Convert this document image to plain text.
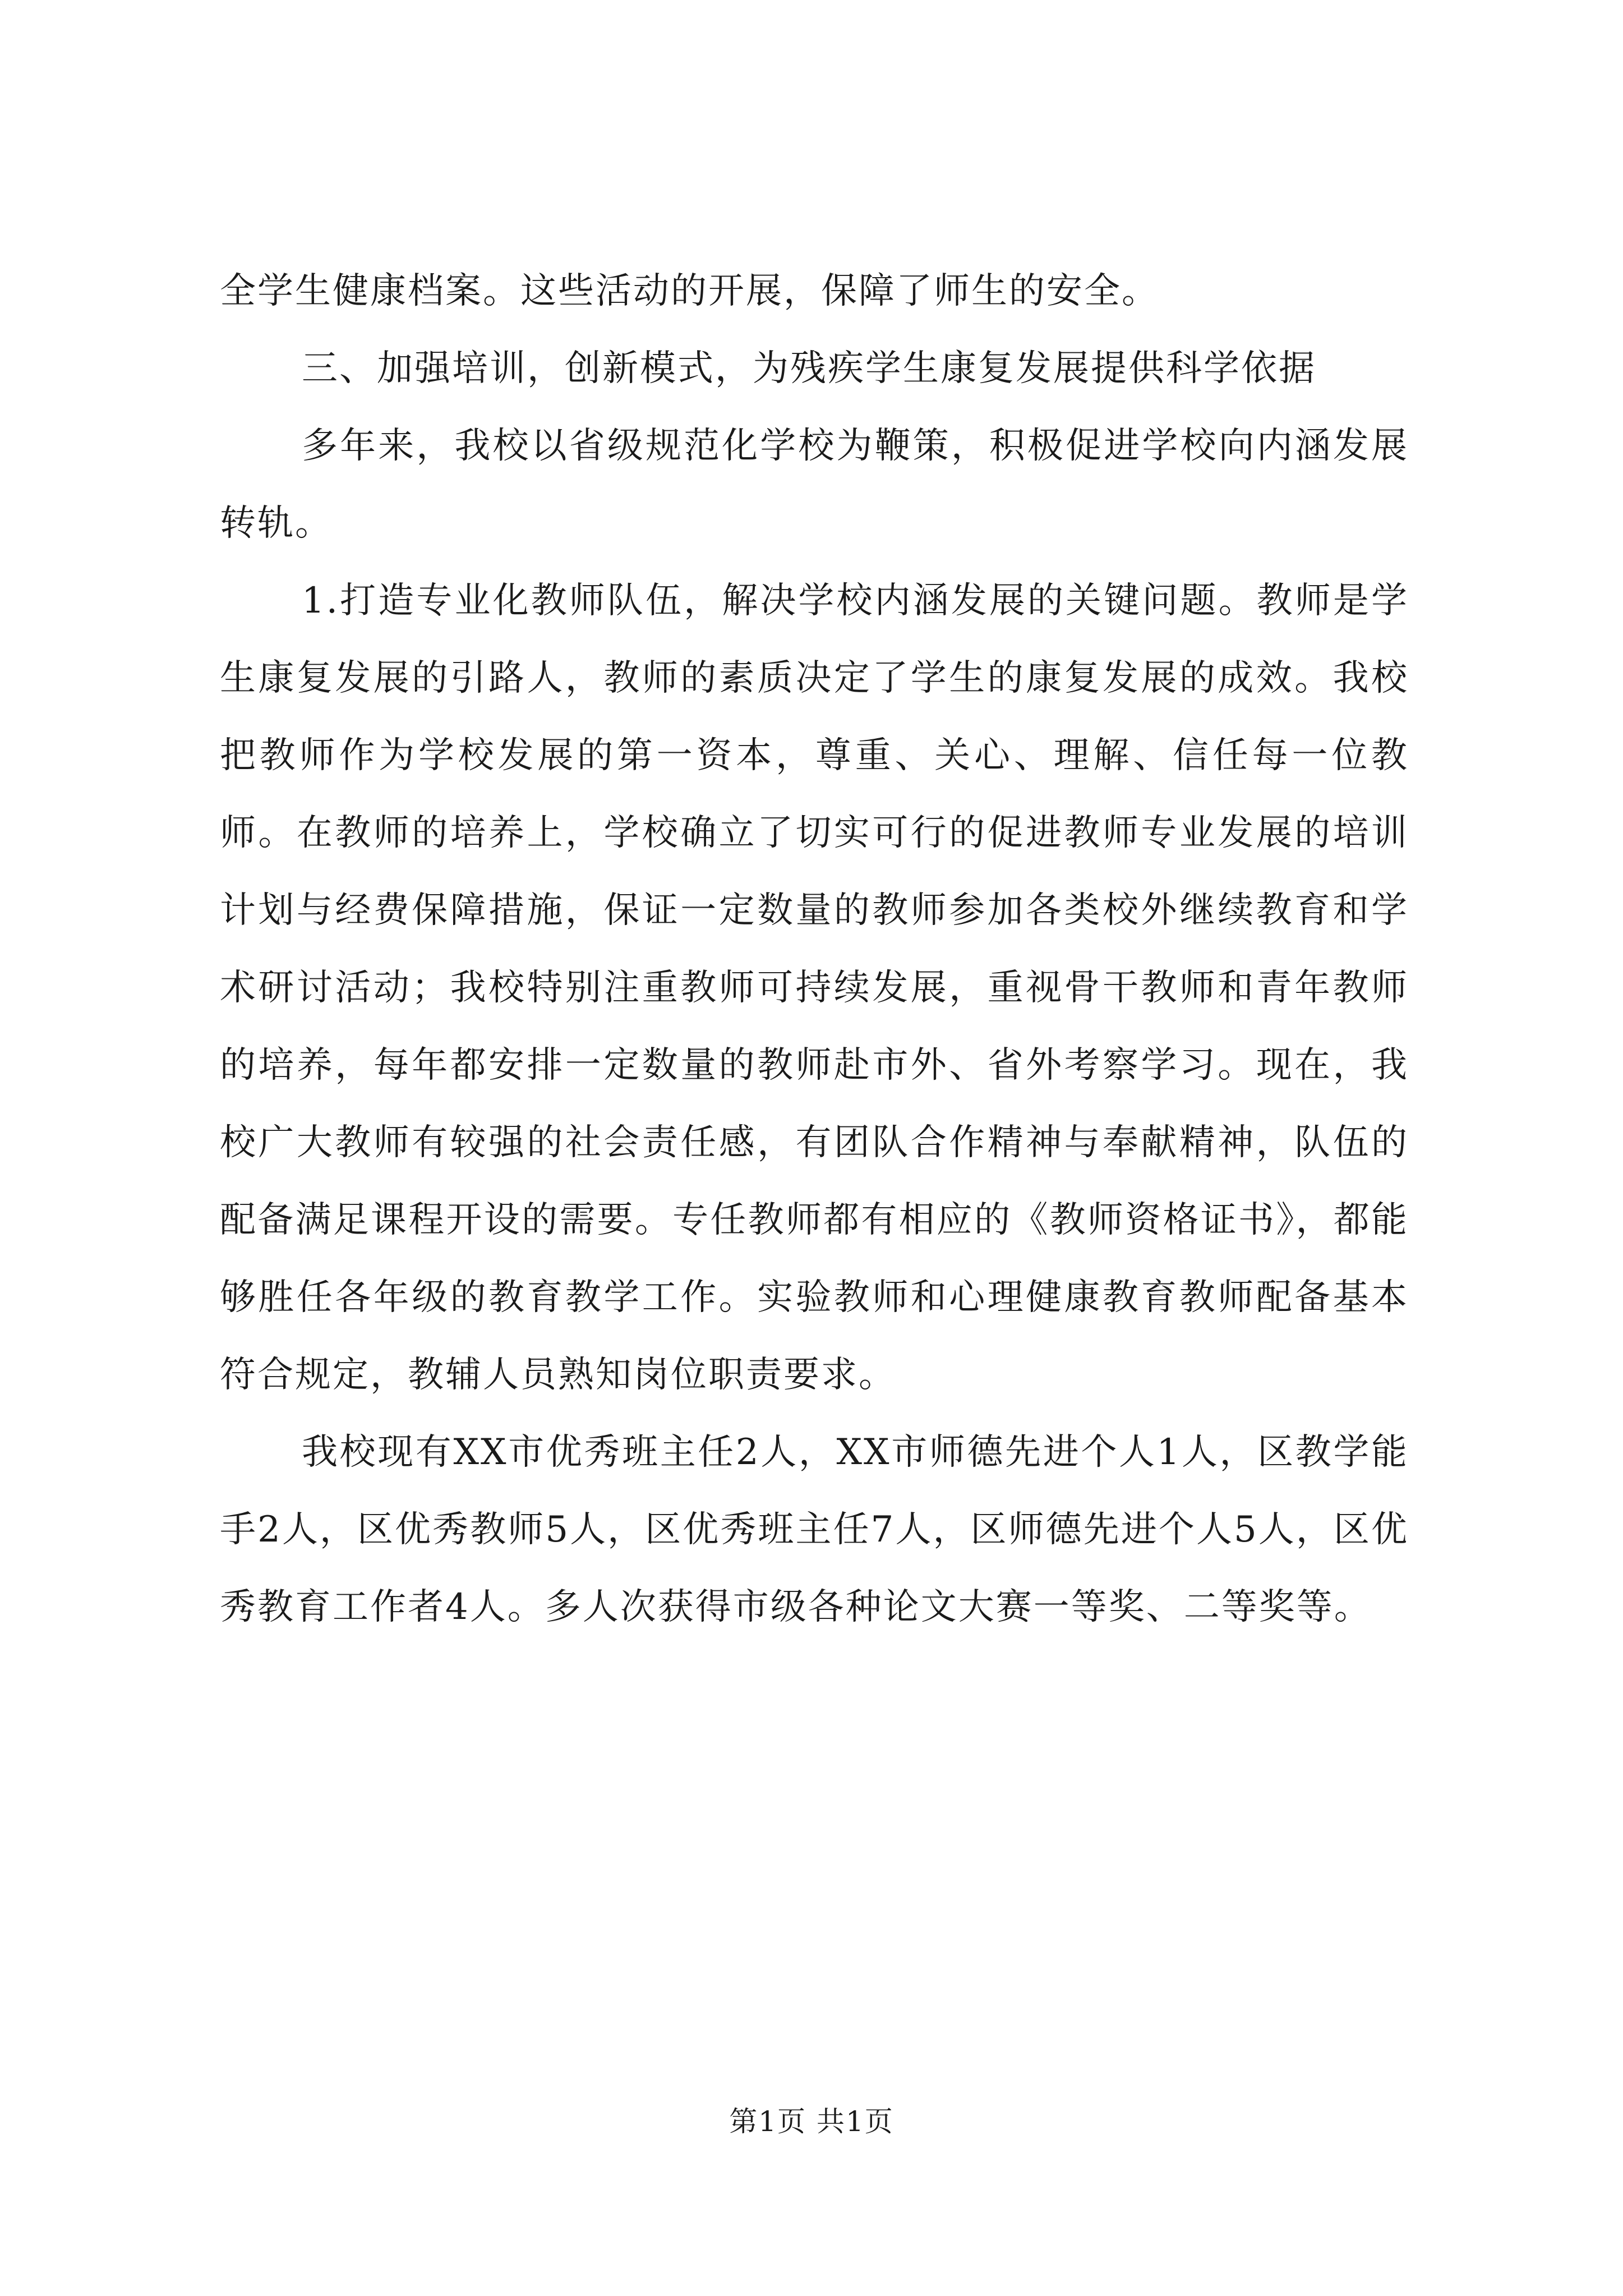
全学生健康档案。这些活动的开展，保障了师生的安全。

三、加强培训，创新模式，为残疾学生康复发展提供科学依据

多年来，我校以省级规范化学校为鞭策，积极促进学校向内涵发展转轨。

1.打造专业化教师队伍，解决学校内涵发展的关键问题。教师是学生康复发展的引路人，教师的素质决定了学生的康复发展的成效。我校把教师作为学校发展的第一资本，尊重、关心、理解、信任每一位教师。在教师的培养上，学校确立了切实可行的促进教师专业发展的培训计划与经费保障措施，保证一定数量的教师参加各类校外继续教育和学术研讨活动；我校特别注重教师可持续发展，重视骨干教师和青年教师的培养，每年都安排一定数量的教师赴市外、省外考察学习。现在，我校广大教师有较强的社会责任感，有团队合作精神与奉献精神，队伍的配备满足课程开设的需要。专任教师都有相应的《教师资格证书》，都能够胜任各年级的教育教学工作。实验教师和心理健康教育教师配备基本符合规定，教辅人员熟知岗位职责要求。

我校现有XX市优秀班主任2人，XX市师德先进个人1人，区教学能手2人，区优秀教师5人，区优秀班主任7人，区师德先进个人5人，区优秀教育工作者4人。多人次获得市级各种论文大赛一等奖、二等奖等。

第1页 共1页
